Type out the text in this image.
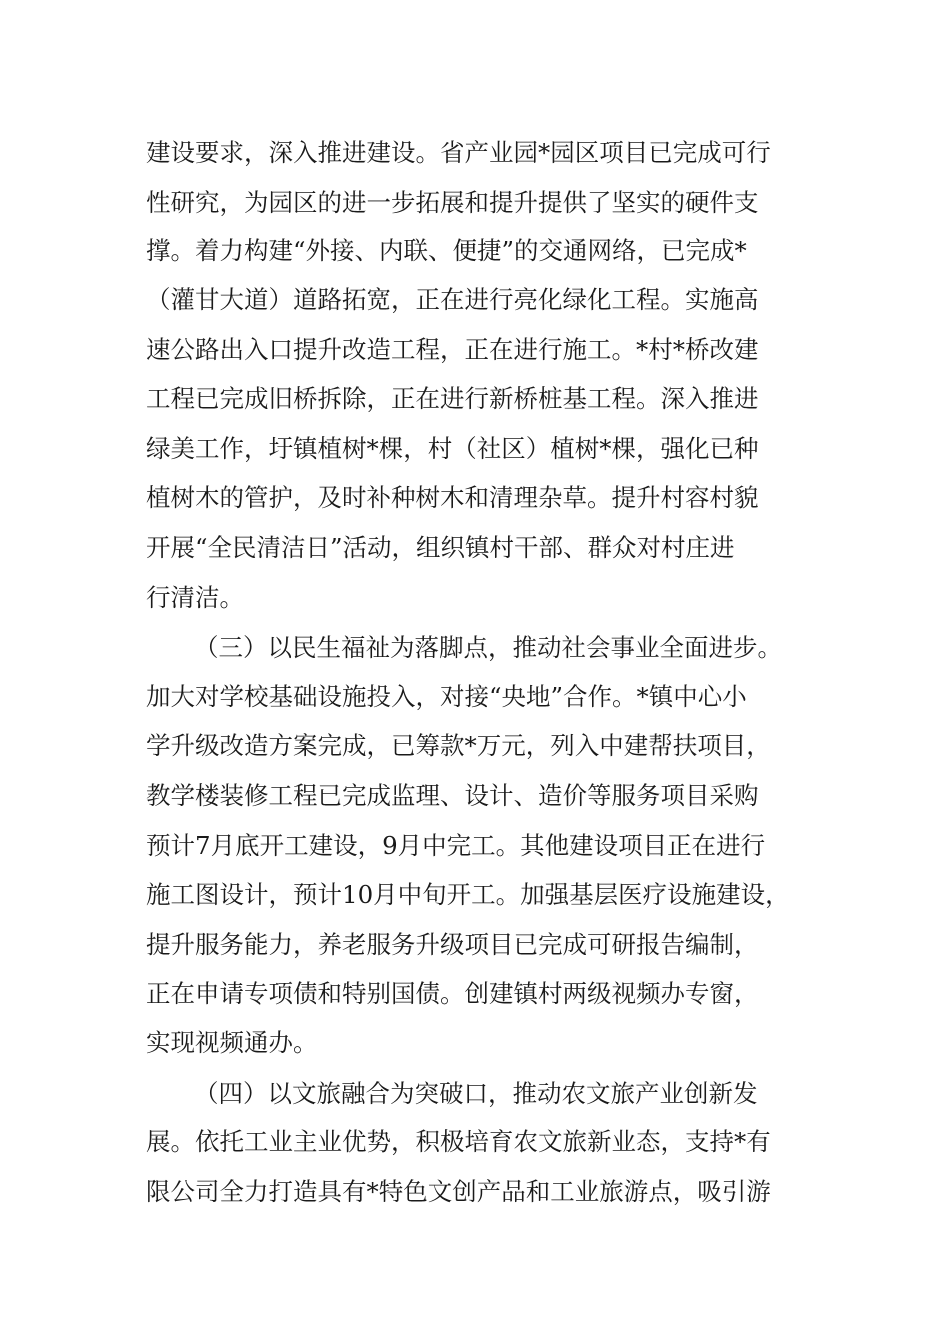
建设要求，深入推进建设。省产业园*园区项目已完成可行

性研究，为园区的进一步拓展和提升提供了坚实的硬件支

撑。着力构建“外接、内联、便捷”的交通网络，已完成*

（灌甘大道）道路拓宽，正在进行亮化绿化工程。实施高

速公路出入口提升改造工程，正在进行施工。*村*桥改建

工程已完成旧桥拆除，正在进行新桥桩基工程。深入推进

绿美工作，圩镇植树*棵，村（社区）植树*棵，强化已种

植树木的管护，及时补种树木和清理杂草。提升村容村貌

开展“全民清洁日”活动，组织镇村干部、群众对村庄进

行清洁。

（三）以民生福祉为落脚点，推动社会事业全面进步。

加大对学校基础设施投入，对接“央地”合作。*镇中心小

学升级改造方案完成，已筹款*万元，列入中建帮扶项目，

教学楼装修工程已完成监理、设计、造价等服务项目采购

预计7月底开工建设，9月中完工。其他建设项目正在进行

施工图设计，预计10月中旬开工。加强基层医疗设施建设，

提升服务能力，养老服务升级项目已完成可研报告编制，

正在申请专项债和特别国债。创建镇村两级视频办专窗，

实现视频通办。

（四）以文旅融合为突破口，推动农文旅产业创新发

展。依托工业主业优势，积极培育农文旅新业态，支持*有

限公司全力打造具有*特色文创产品和工业旅游点，吸引游
